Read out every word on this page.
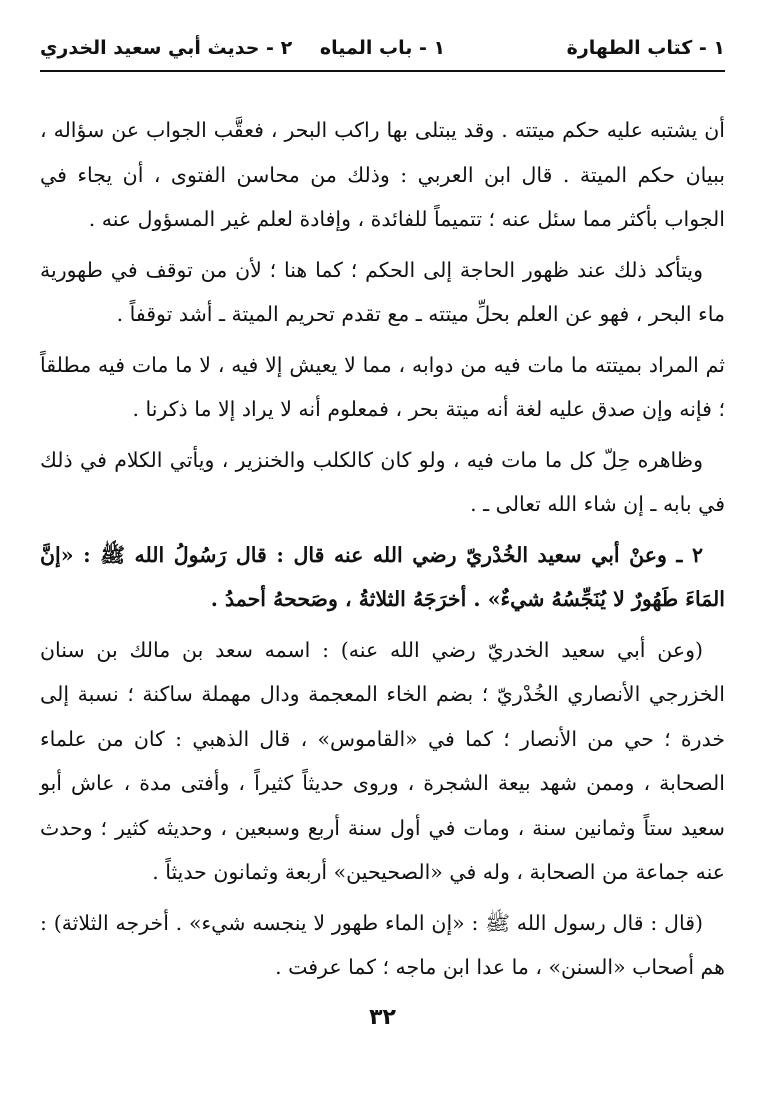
١ - كتاب الطهارة
١ - باب المياه
٢ - حديث أبي سعيد الخدري

أن يشتبه عليه حكم ميتته . وقد يبتلى بها راكب البحر ، فعقَّب الجواب عن سؤاله ، ببيان حكم الميتة . قال ابن العربي : وذلك من محاسن الفتوى ، أن يجاء في الجواب بأكثر مما سئل عنه ؛ تتميماً للفائدة ، وإفادة لعلم غير المسؤول عنه .

ويتأكد ذلك عند ظهور الحاجة إلى الحكم ؛ كما هنا ؛ لأن من توقف في طهورية ماء البحر ، فهو عن العلم بحلِّ ميتته ـ مع تقدم تحريم الميتة ـ أشد توقفاً .

ثم المراد بميتته ما مات فيه من دوابه ، مما لا يعيش إلا فيه ، لا ما مات فيه مطلقاً ؛ فإنه وإن صدق عليه لغة أنه ميتة بحر ، فمعلوم أنه لا يراد إلا ما ذكرنا .

وظاهره حِلّ كل ما مات فيه ، ولو كان كالكلب والخنزير ، ويأتي الكلام في ذلك في بابه ـ إن شاء الله تعالى ـ .

٢ ـ وعنْ أبي سعيد الخُدْريّ رضي الله عنه قال : قال رَسُولُ الله ﷺ : «إنَّ المَاءَ طَهُورٌ لا يُنَجِّسُهُ شيءٌ» . أخرَجَهُ الثلاثةُ ، وصَححهُ أحمدُ .

(وعن أبي سعيد الخدريّ رضي الله عنه) : اسمه سعد بن مالك بن سنان الخزرجي الأنصاري الخُدْريّ ؛ بضم الخاء المعجمة ودال مهملة ساكنة ؛ نسبة إلى خدرة ؛ حي من الأنصار ؛ كما في «القاموس» ، قال الذهبي : كان من علماء الصحابة ، وممن شهد بيعة الشجرة ، وروى حديثاً كثيراً ، وأفتى مدة ، عاش أبو سعيد ستاً وثمانين سنة ، ومات في أول سنة أربع وسبعين ، وحديثه كثير ؛ وحدث عنه جماعة من الصحابة ، وله في «الصحيحين» أربعة وثمانون حديثاً .

(قال : قال رسول الله ﷺ : «إن الماء طهور لا ينجسه شيء» . أخرجه الثلاثة) : هم أصحاب «السنن» ، ما عدا ابن ماجه ؛ كما عرفت .

٣٢
